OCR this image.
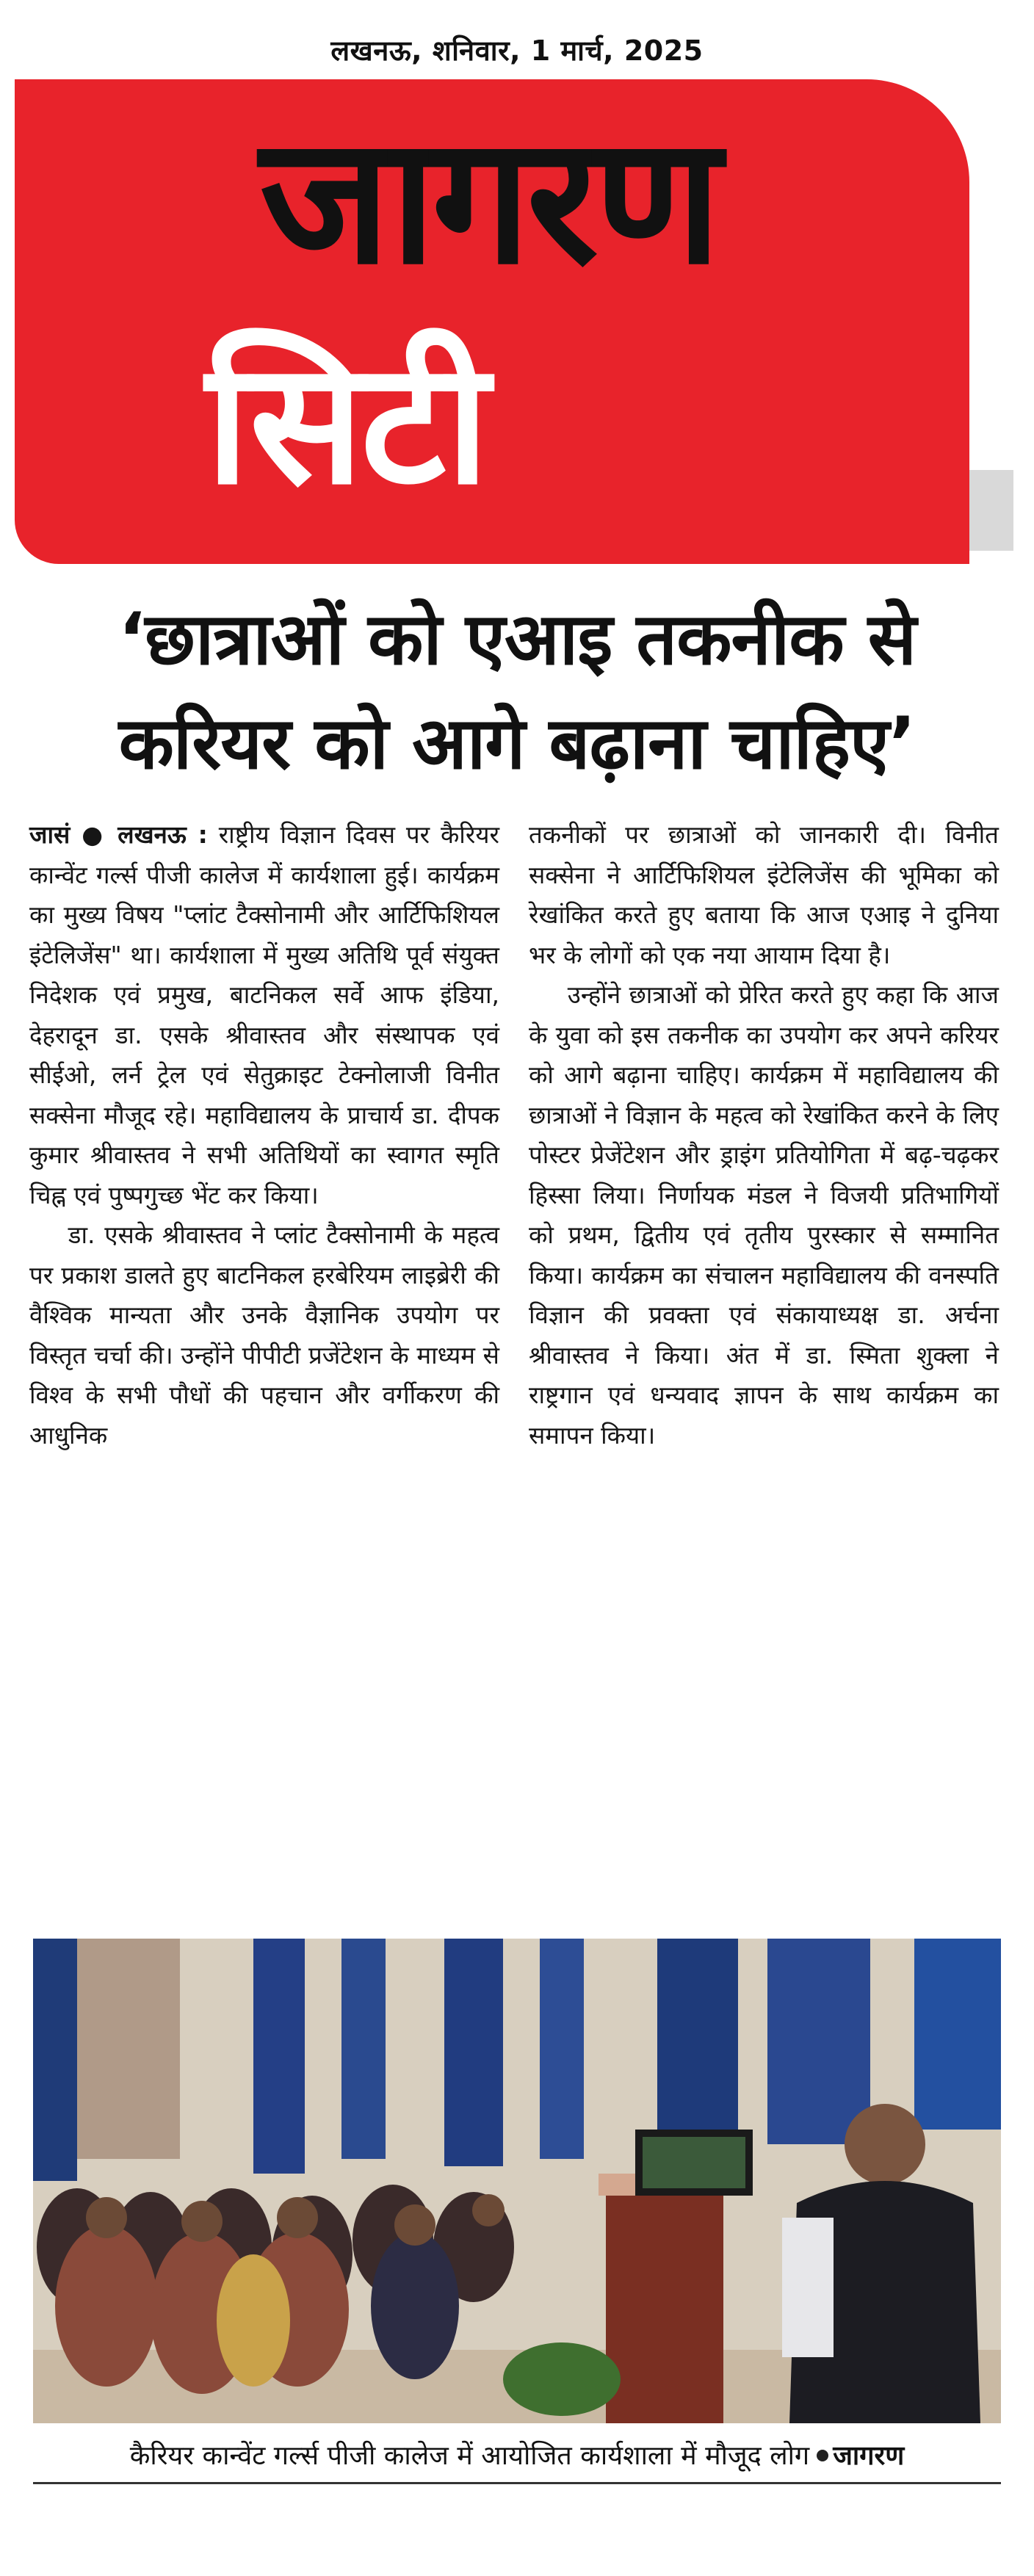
लखनऊ, शनिवार, 1 मार्च, 2025
जागरण
सिटी
‘छात्राओं को एआइ तकनीक से
करियर को आगे बढ़ाना चाहिए’

जासं ● लखनऊ : राष्ट्रीय विज्ञान दिवस पर कैरियर कान्वेंट गर्ल्स पीजी कालेज में कार्यशाला हुई। कार्यक्रम का मुख्य विषय "प्लांट टैक्सोनामी और आर्टिफिशियल इंटेलिजेंस" था। कार्यशाला में मुख्य अतिथि पूर्व संयुक्त निदेशक एवं प्रमुख, बाटनिकल सर्वे आफ इंडिया, देहरादून डा. एसके श्रीवास्तव और संस्थापक एवं सीईओ, लर्न ट्रेल एवं सेतुक्राइट टेक्नोलाजी विनीत सक्सेना मौजूद रहे। महाविद्यालय के प्राचार्य डा. दीपक कुमार श्रीवास्तव ने सभी अतिथियों का स्वागत स्मृति चिह्न एवं पुष्पगुच्छ भेंट कर किया।

डा. एसके श्रीवास्तव ने प्लांट टैक्सोनामी के महत्व पर प्रकाश डालते हुए बाटनिकल हरबेरियम लाइब्रेरी की वैश्विक मान्यता और उनके वैज्ञानिक उपयोग पर विस्तृत चर्चा की। उन्होंने पीपीटी प्रजेंटेशन के माध्यम से विश्व के सभी पौधों की पहचान और वर्गीकरण की आधुनिक

तकनीकों पर छात्राओं को जानकारी दी। विनीत सक्सेना ने आर्टिफिशियल इंटेलिजेंस की भूमिका को रेखांकित करते हुए बताया कि आज एआइ ने दुनिया भर के लोगों को एक नया आयाम दिया है।

उन्होंने छात्राओं को प्रेरित करते हुए कहा कि आज के युवा को इस तकनीक का उपयोग कर अपने करियर को आगे बढ़ाना चाहिए। कार्यक्रम में महाविद्यालय की छात्राओं ने विज्ञान के महत्व को रेखांकित करने के लिए पोस्टर प्रेजेंटेशन और ड्राइंग प्रतियोगिता में बढ़-चढ़कर हिस्सा लिया। निर्णायक मंडल ने विजयी प्रतिभागियों को प्रथम, द्वितीय एवं तृतीय पुरस्कार से सम्मानित किया। कार्यक्रम का संचालन महाविद्यालय की वनस्पति विज्ञान की प्रवक्ता एवं संकायाध्यक्ष डा. अर्चना श्रीवास्तव ने किया। अंत में डा. स्मिता शुक्ला ने राष्ट्रगान एवं धन्यवाद ज्ञापन के साथ कार्यक्रम का समापन किया।

कैरियर कान्वेंट गर्ल्स पीजी कालेज में आयोजित कार्यशाला में मौजूद लोग जागरण
